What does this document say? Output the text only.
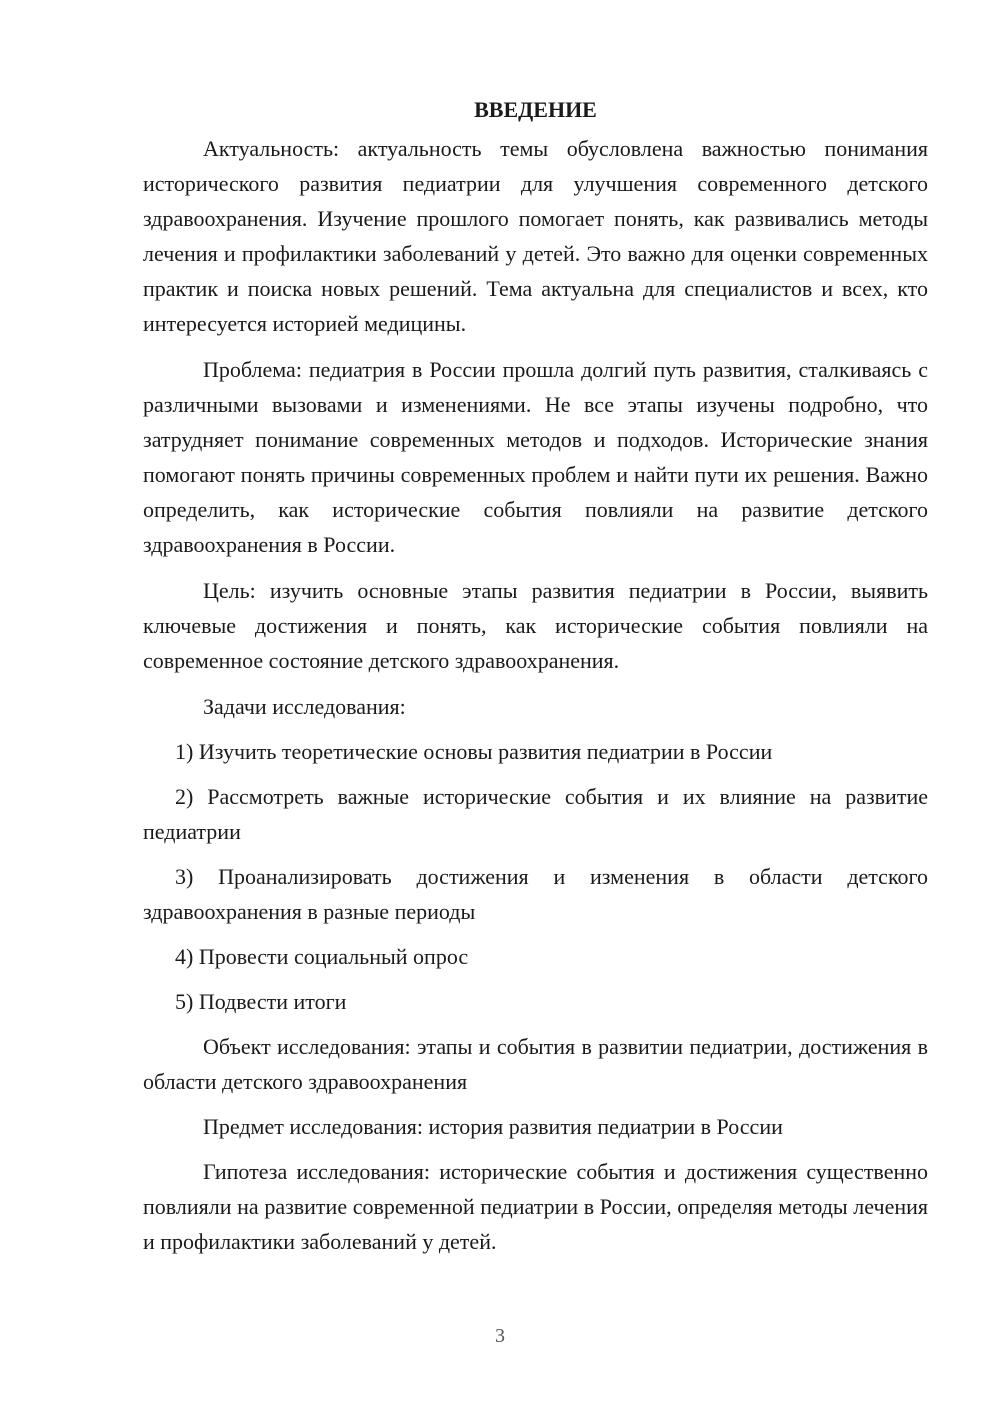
ВВЕДЕНИЕ

Актуальность: актуальность темы обусловлена важностью понимания исторического развития педиатрии для улучшения современного детского здравоохранения. Изучение прошлого помогает понять, как развивались методы лечения и профилактики заболеваний у детей. Это важно для оценки современных практик и поиска новых решений. Тема актуальна для специалистов и всех, кто интересуется историей медицины.

Проблема: педиатрия в России прошла долгий путь развития, сталкиваясь с различными вызовами и изменениями. Не все этапы изучены подробно, что затрудняет понимание современных методов и подходов. Исторические знания помогают понять причины современных проблем и найти пути их решения. Важно определить, как исторические события повлияли на развитие детского здравоохранения в России.

Цель: изучить основные этапы развития педиатрии в России, выявить ключевые достижения и понять, как исторические события повлияли на современное состояние детского здравоохранения.

Задачи исследования:

1) Изучить теоретические основы развития педиатрии в России

2) Рассмотреть важные исторические события и их влияние на развитие педиатрии

3) Проанализировать достижения и изменения в области детского здравоохранения в разные периоды

4) Провести социальный опрос

5) Подвести итоги

Объект исследования: этапы и события в развитии педиатрии, достижения в области детского здравоохранения

Предмет исследования: история развития педиатрии в России

Гипотеза исследования: исторические события и достижения существенно повлияли на развитие современной педиатрии в России, определяя методы лечения и профилактики заболеваний у детей.

3
